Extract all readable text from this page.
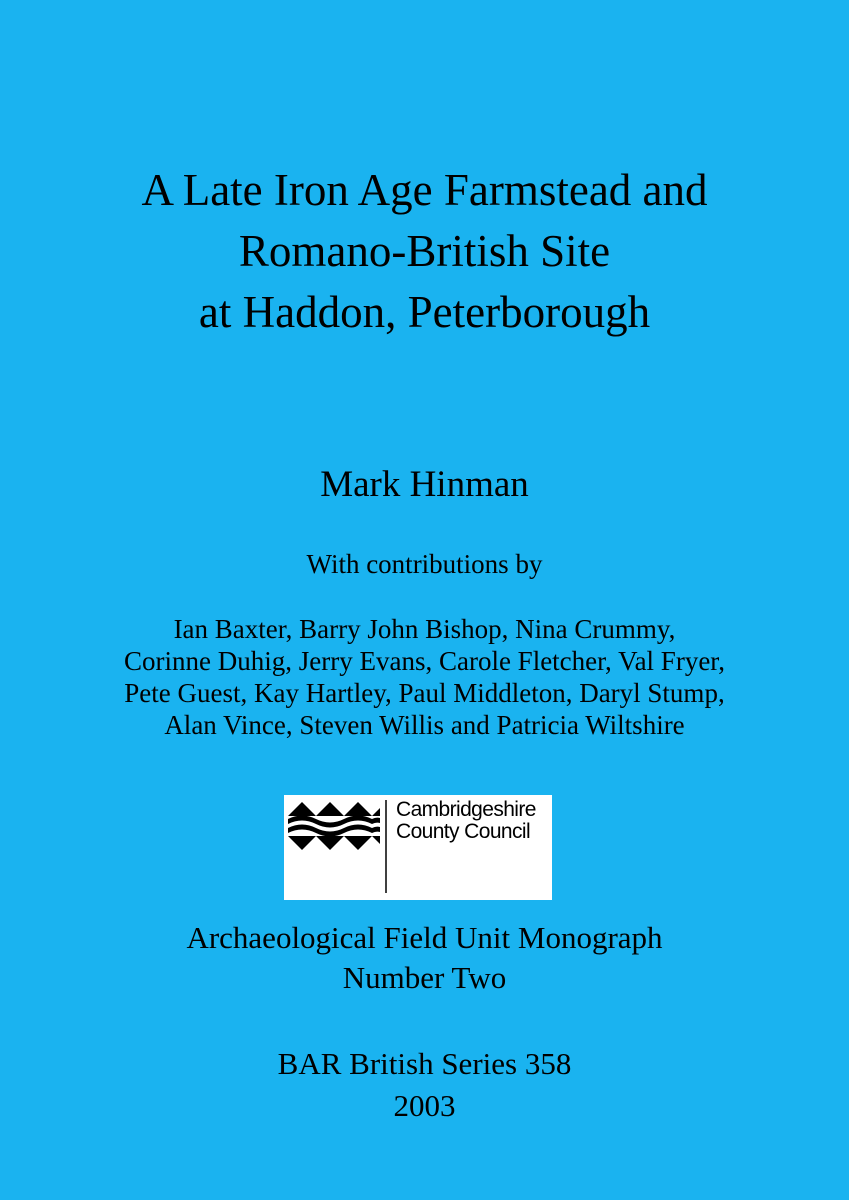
A Late Iron Age Farmstead and
Romano-British Site
at Haddon, Peterborough
Mark Hinman
With contributions by
Ian Baxter, Barry John Bishop, Nina Crummy,
Corinne Duhig, Jerry Evans, Carole Fletcher, Val Fryer,
Pete Guest, Kay Hartley, Paul Middleton, Daryl Stump,
Alan Vince, Steven Willis and Patricia Wiltshire
Cambridgeshire
County Council
Archaeological Field Unit Monograph
Number Two
BAR British Series 358
2003
